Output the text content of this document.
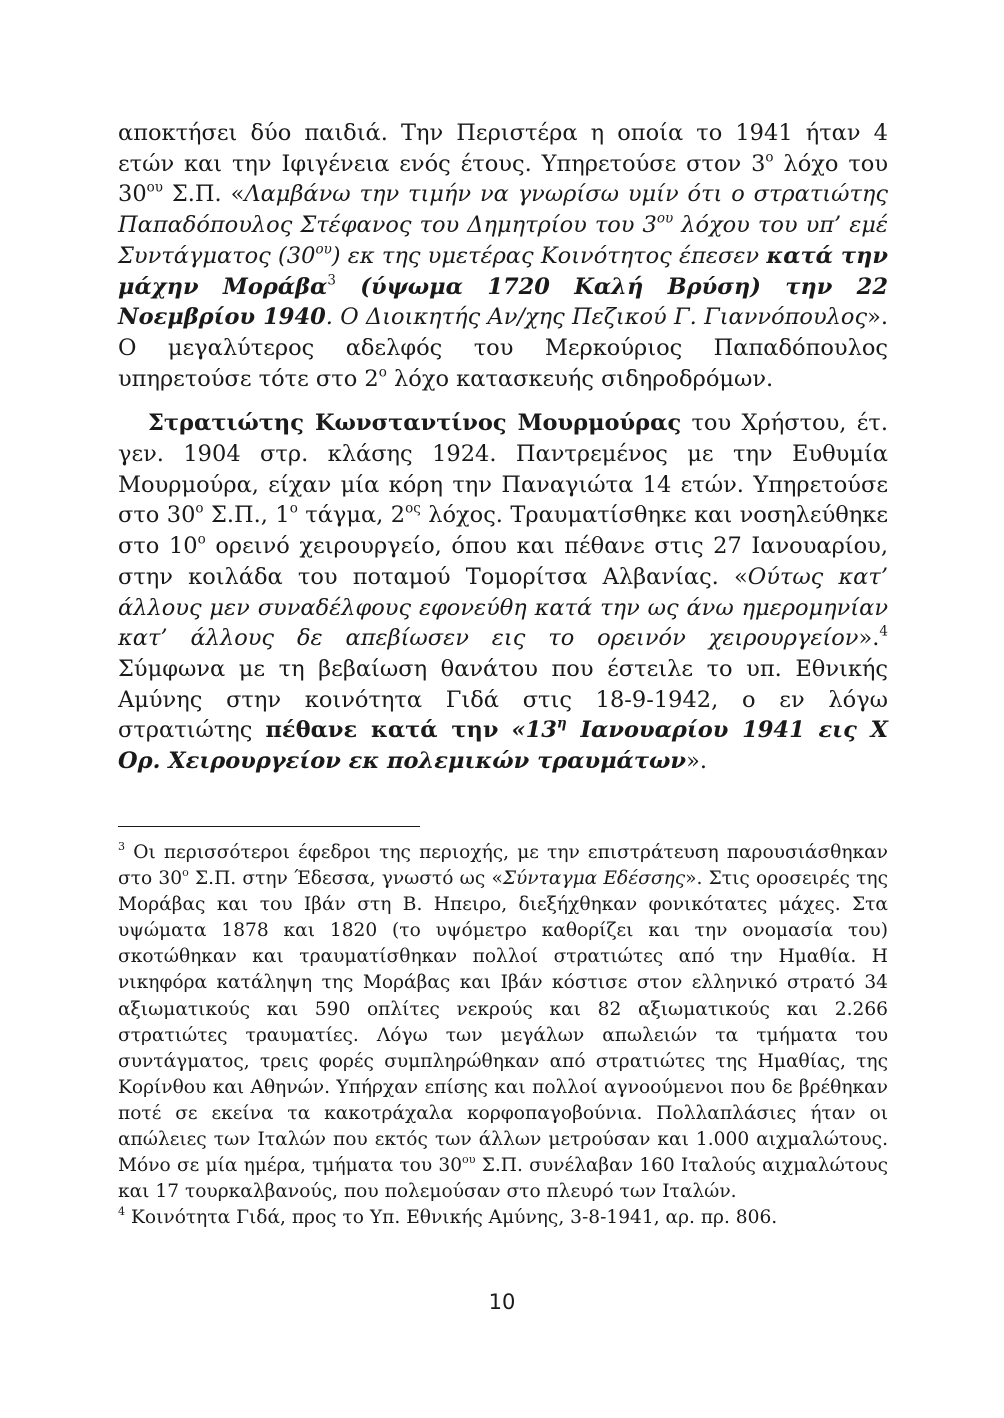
αποκτήσει δύο παιδιά. Την Περιστέρα η οποία το 1941 ήταν 4 ετών και την Ιφιγένεια ενός έτους. Υπηρετούσε στον $3^o$ λόχο του $30^{o\upsilon}$ Σ.Π. «Λαμβάνω την τιμήν να γνωρίσω υμίν ότι ο στρατιώτης Παπαδόπουλος Στέφανος του Δημητρίου του $3^{o\upsilon}$ λόχου του υπ’ εμέ Συντάγματος $(30^{o\upsilon})$ εκ της υμετέρας Κοινότητος έπεσεν κατά την μάχην Μοράβα$^3$ (ύψωμα 1720 Καλή Βρύση) την 22 Νοεμβρίου 1940. Ο Διοικητής Αν/χης Πεζικού Γ. Γιαννόπουλος». Ο μεγαλύτερος αδελφός του Μερκούριος Παπαδόπουλος υπηρετούσε τότε στο $2^o$ λόχο κατασκευής σιδηροδρόμων.

Στρατιώτης Κωνσταντίνος Μουρμούρας του Χρήστου, έτ. γεν. 1904 στρ. κλάσης 1924. Παντρεμένος με την Ευθυμία Μουρμούρα, είχαν μία κόρη την Παναγιώτα 14 ετών. Υπηρετούσε στο $30^o$ Σ.Π., $1^o$ τάγμα, $2^{o\varsigma}$ λόχος. Τραυματίσθηκε και νοσηλεύθηκε στο $10^o$ ορεινό χειρουργείο, όπου και πέθανε στις 27 Ιανουαρίου, στην κοιλάδα του ποταμού Τομορίτσα Αλβανίας. «Ούτως κατ’ άλλους μεν συναδέλφους εφονεύθη κατά την ως άνω ημερομηνίαν κατ’ άλλους δε απεβίωσεν εις το ορεινόν χειρουργείον».$^4$ Σύμφωνα με τη βεβαίωση θανάτου που έστειλε το υπ. Εθνικής Αμύνης στην κοινότητα Γιδά στις 18-9-1942, ο εν λόγω στρατιώτης πέθανε κατά την «$13^\eta$ Ιανουαρίου 1941 εις Χ Ορ. Χειρουργείον εκ πολεμικών τραυμάτων».

$^3$ Οι περισσότεροι έφεδροι της περιοχής, με την επιστράτευση παρουσιάσθηκαν στο $30^o$ Σ.Π. στην Έδεσσα, γνωστό ως «Σύνταγμα Εδέσσης». Στις οροσειρές της Μοράβας και του Ιβάν στη Β. Ηπειρο, διεξήχθηκαν φονικότατες μάχες. Στα υψώματα 1878 και 1820 (το υψόμετρο καθορίζει και την ονομασία του) σκοτώθηκαν και τραυματίσθηκαν πολλοί στρατιώτες από την Ημαθία. Η νικηφόρα κατάληψη της Μοράβας και Ιβάν κόστισε στον ελληνικό στρατό 34 αξιωματικούς και 590 οπλίτες νεκρούς και 82 αξιωματικούς και 2.266 στρατιώτες τραυματίες. Λόγω των μεγάλων απωλειών τα τμήματα του συντάγματος, τρεις φορές συμπληρώθηκαν από στρατιώτες της Ημαθίας, της Κορίνθου και Αθηνών. Υπήρχαν επίσης και πολλοί αγνοούμενοι που δε βρέθηκαν ποτέ σε εκείνα τα κακοτράχαλα κορφοπαγοβούνια. Πολλαπλάσιες ήταν οι απώλειες των Ιταλών που εκτός των άλλων μετρούσαν και 1.000 αιχμαλώτους. Μόνο σε μία ημέρα, τμήματα του $30^{o\upsilon}$ Σ.Π. συνέλαβαν 160 Ιταλούς αιχμαλώτους και 17 τουρκαλβανούς, που πολεμούσαν στο πλευρό των Ιταλών.

$^4$ Κοινότητα Γιδά, προς το Υπ. Εθνικής Αμύνης, 3-8-1941, αρ. πρ. 806.

10
